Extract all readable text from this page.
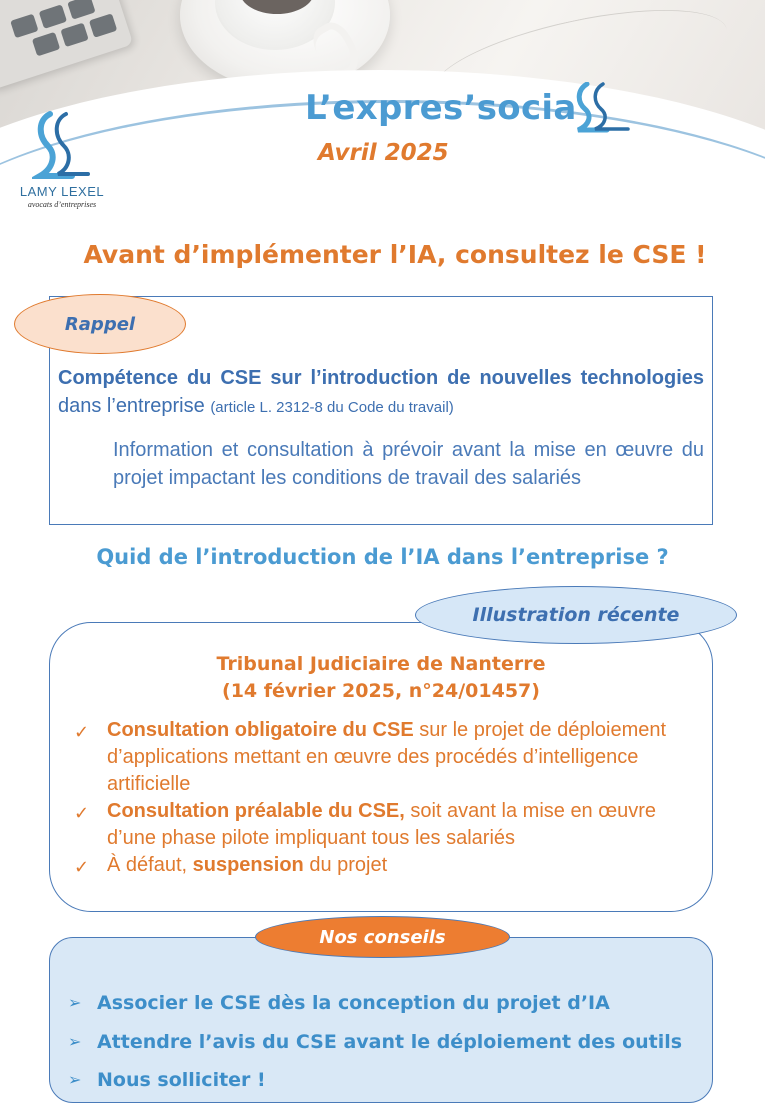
LAMY LEXEL
avocats d’entreprises
L’expres’socia
Avril 2025
Avant d’implémenter l’IA, consultez le CSE !
Rappel
Compétence du CSE sur l’introduction de nouvelles technologies dans l’entreprise (article L. 2312-8 du Code du travail)
Information et consultation à prévoir avant la mise en œuvre du projet impactant les conditions de travail des salariés
Quid de l’introduction de l’IA dans l’entreprise ?
Illustration récente
Tribunal Judiciaire de Nanterre
(14 février 2025, n°24/01457)
✓ Consultation obligatoire du CSE sur le projet de déploiement d’applications mettant en œuvre des procédés d’intelligence artificielle
✓ Consultation préalable du CSE, soit avant la mise en œuvre d’une phase pilote impliquant tous les salariés
✓ À défaut, suspension du projet
Nos conseils
➢ Associer le CSE dès la conception du projet d’IA
➢ Attendre l’avis du CSE avant le déploiement des outils
➢ Nous solliciter !
